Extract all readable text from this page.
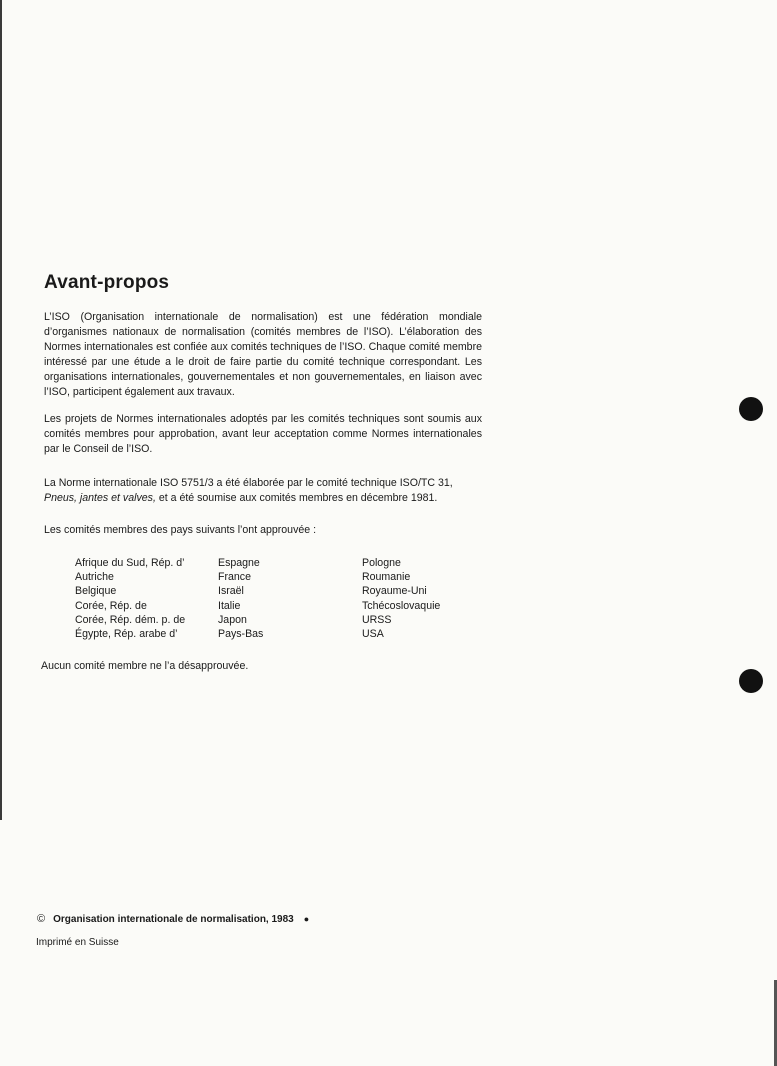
Avant-propos

L’ISO (Organisation internationale de normalisation) est une fédération mondiale d’organismes nationaux de normalisation (comités membres de l’ISO). L’élaboration des Normes internationales est confiée aux comités techniques de l’ISO. Chaque comité membre intéressé par une étude a le droit de faire partie du comité technique correspondant. Les organisations internationales, gouvernementales et non gouvernementales, en liaison avec l’ISO, participent également aux travaux.

Les projets de Normes internationales adoptés par les comités techniques sont soumis aux comités membres pour approbation, avant leur acceptation comme Normes internationales par le Conseil de l’ISO.

La Norme internationale ISO 5751/3 a été élaborée par le comité technique ISO/TC 31,
Pneus, jantes et valves, et a été soumise aux comités membres en décembre 1981.

Les comités membres des pays suivants l’ont approuvée :

Afrique du Sud, Rép. d’
Autriche
Belgique
Corée, Rép. de
Corée, Rép. dém. p. de
Égypte, Rép. arabe d’
Espagne
France
Israël
Italie
Japon
Pays-Bas
Pologne
Roumanie
Royaume-Uni
Tchécoslovaquie
URSS
USA

Aucun comité membre ne l’a désapprouvée.

© Organisation internationale de normalisation, 1983 ●
Imprimé en Suisse
